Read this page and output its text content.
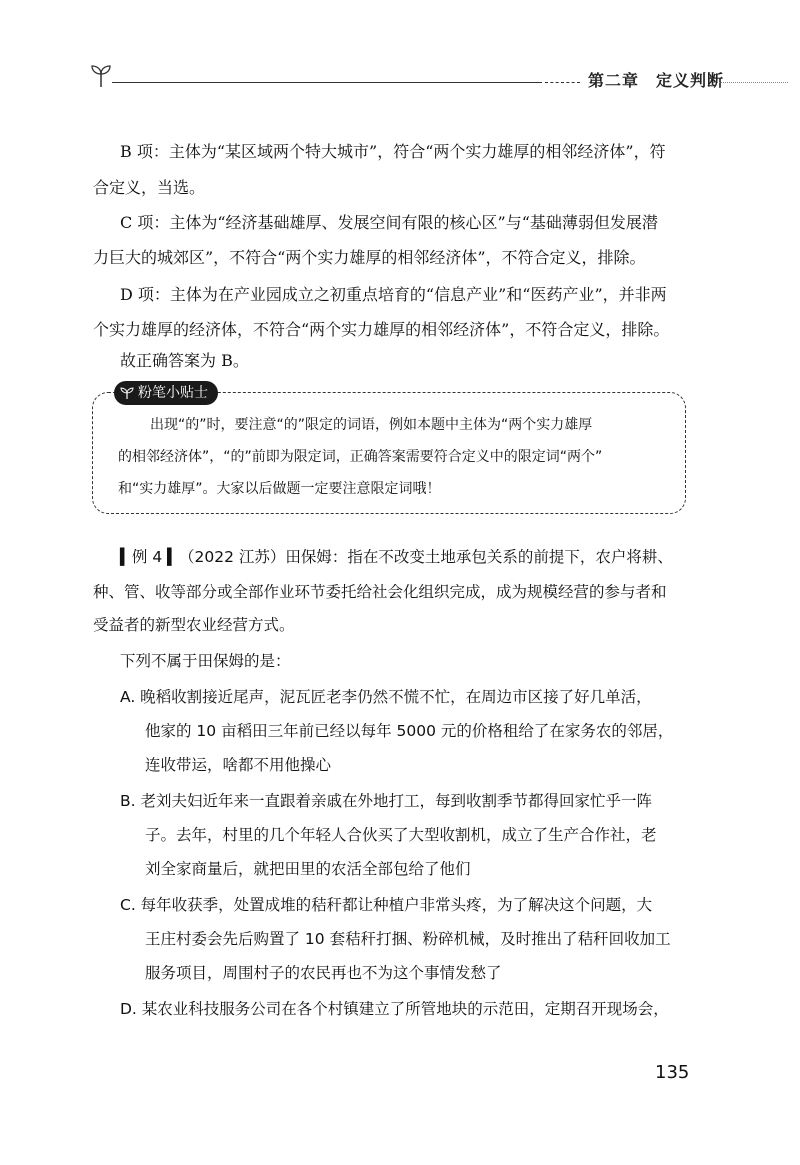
第二章　定义判断
B 项：主体为“某区域两个特大城市”，符合“两个实力雄厚的相邻经济体”，符
合定义，当选。
C 项：主体为“经济基础雄厚、发展空间有限的核心区”与“基础薄弱但发展潜
力巨大的城郊区”，不符合“两个实力雄厚的相邻经济体”，不符合定义，排除。
D 项：主体为在产业园成立之初重点培育的“信息产业”和“医药产业”，并非两
个实力雄厚的经济体，不符合“两个实力雄厚的相邻经济体”，不符合定义，排除。
故正确答案为 B。
粉笔小贴士
出现“的”时，要注意“的”限定的词语，例如本题中主体为“两个实力雄厚
的相邻经济体”，“的”前即为限定词，正确答案需要符合定义中的限定词“两个”
和“实力雄厚”。大家以后做题一定要注意限定词哦！
▍例 4 ▍（2022 江苏）田保姆：指在不改变土地承包关系的前提下，农户将耕、
种、管、收等部分或全部作业环节委托给社会化组织完成，成为规模经营的参与者和
受益者的新型农业经营方式。
下列不属于田保姆的是：
A. 晚稻收割接近尾声，泥瓦匠老李仍然不慌不忙，在周边市区接了好几单活，
他家的 10 亩稻田三年前已经以每年 5000 元的价格租给了在家务农的邻居，
连收带运，啥都不用他操心
B. 老刘夫妇近年来一直跟着亲戚在外地打工，每到收割季节都得回家忙乎一阵
子。去年，村里的几个年轻人合伙买了大型收割机，成立了生产合作社，老
刘全家商量后，就把田里的农活全部包给了他们
C. 每年收获季，处置成堆的秸秆都让种植户非常头疼，为了解决这个问题，大
王庄村委会先后购置了 10 套秸秆打捆、粉碎机械，及时推出了秸秆回收加工
服务项目，周围村子的农民再也不为这个事情发愁了
D. 某农业科技服务公司在各个村镇建立了所管地块的示范田，定期召开现场会，
135
